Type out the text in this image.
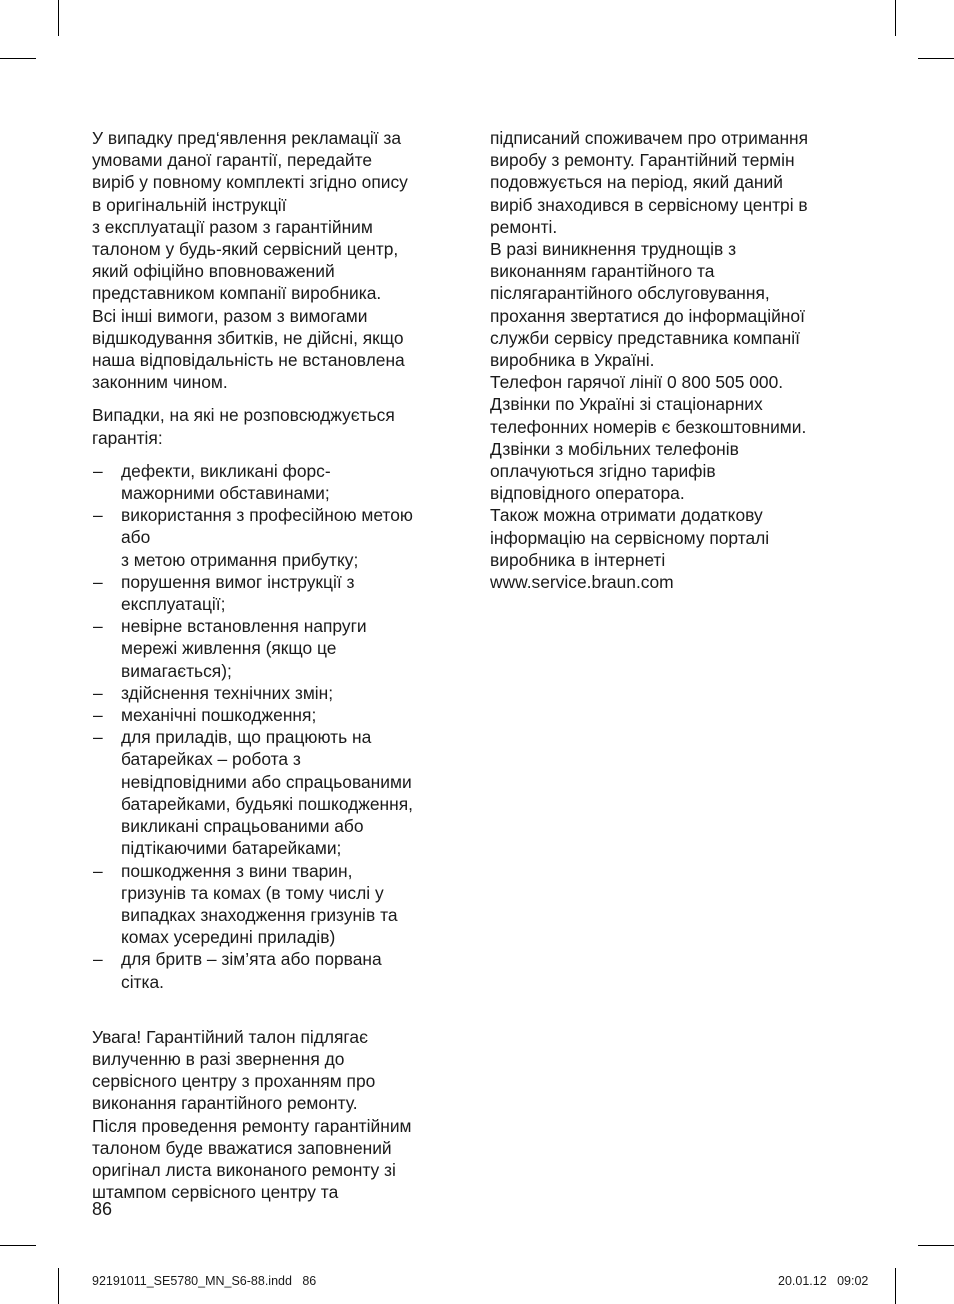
У випадку пред‘явлення рекламації за
умовами даної гарантії, передайте
виріб у повному комплекті згідно опису
в оригінальній інструкції
з експлуатації разом з гарантійним
талоном у будь-який сервісний центр,
який офіційно вповноважений
представником компанії виробника.
Всі інші вимоги, разом з вимогами
відшкодування збитків, не дійсні, якщо
наша відповідальність не встановлена
законним чином.
Випадки, на які не розповсюджується
гарантія:
– дефекти, викликані форс-
мажорними обставинами;
– використання з професійною метою
або
з метою отримання прибутку;
– порушення вимог інструкції з
експлуатації;
– невірне встановлення напруги
мережі живлення (якщо це
вимагається);
– здійснення технічних змін;
– механічні пошкодження;
– для приладів, що працюють на
батарейках – робота з
невідповідними або спрацьованими
батарейками, будьякі пошкодження,
викликані спрацьованими або
підтікаючими батарейками;
– пошкодження з вини тварин,
гризунів та комах (в тому числі у
випадках знаходження гризунів та
комах усередині приладів)
– для бритв – зім’ята або порвана
сітка.
Увага! Гарантійний талон підлягає
вилученню в разі звернення до
сервісного центру з проханням про
виконання гарантійного ремонту.
Після проведення ремонту гарантійним
талоном буде вважатися заповнений
оригінал листа виконаного ремонту зі
штампом сервісного центру та
підписаний споживачем про отримання
виробу з ремонту. Гарантійний термін
подовжується на період, який даний
виріб знаходився в сервісному центрі в
ремонті.
В разі виникнення труднощів з
виконанням гарантійного та
післягарантійного обслуговування,
прохання звертатися до інформаційної
служби сервісу представника компанії
виробника в Україні.
Телефон гарячої лінії 0 800 505 000.
Дзвінки по Україні зі стаціонарних
телефонних номерів є безкоштовними.
Дзвінки з мобільних телефонів
оплачуються згідно тарифів
відповідного оператора.
Також можна отримати додаткову
інформацію на сервісному порталі
виробника в інтернеті
www.service.braun.com
86
92191011_SE5780_MN_S6-88.indd   86	20.01.12   09:02
